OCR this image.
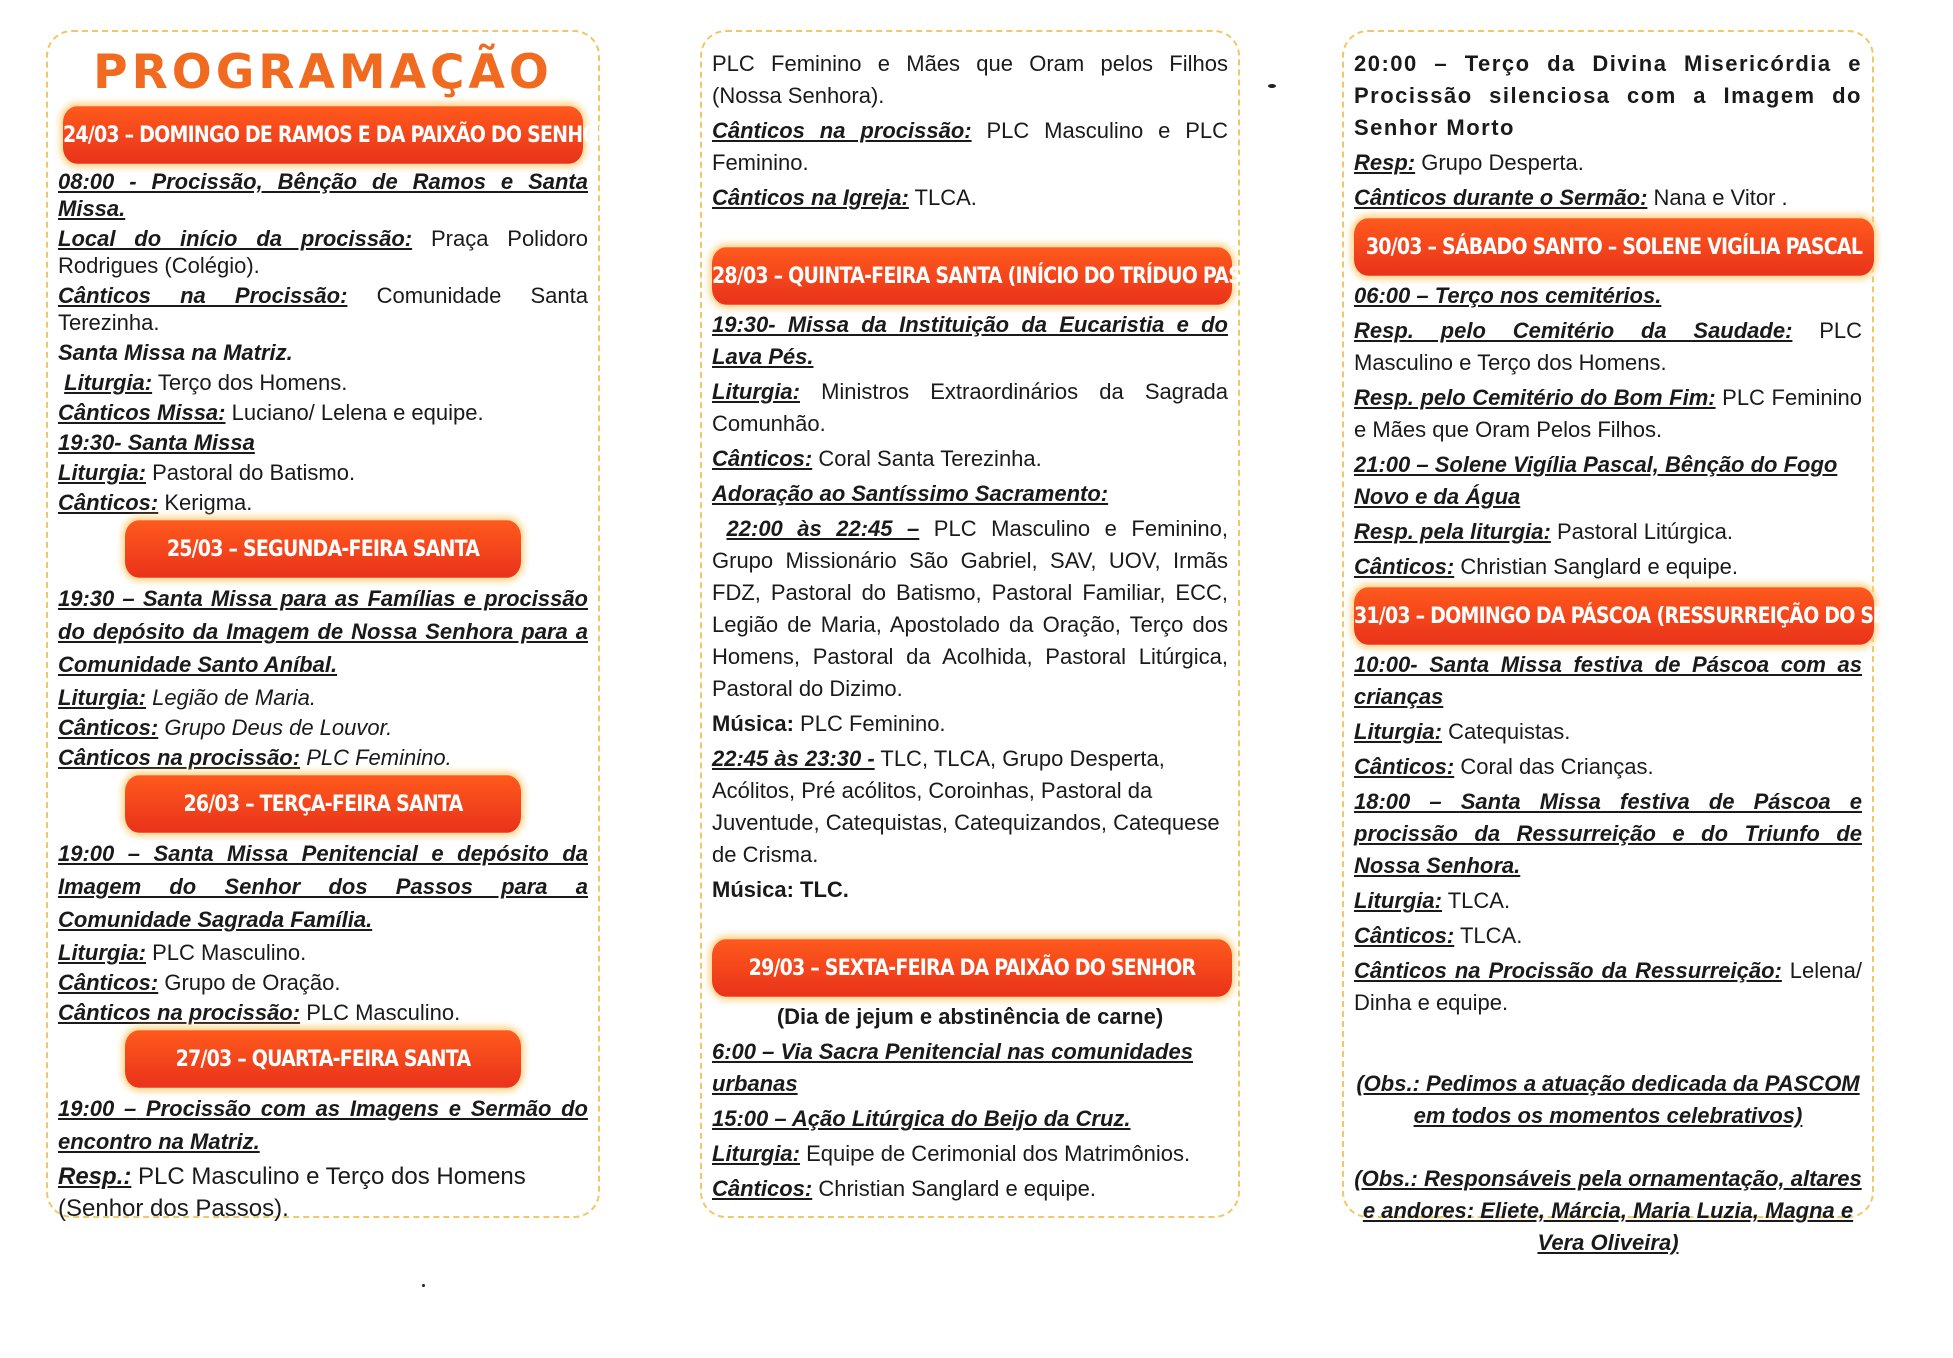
PROGRAMAÇÃO
24/03 – DOMINGO DE RAMOS E DA PAIXÃO DO SENHOR
08:00 - Procissão, Bênção de Ramos e Santa Missa.
Local do início da procissão: Praça Polidoro Rodrigues (Colégio).
Cânticos na Procissão: Comunidade Santa Terezinha.
Santa Missa na Matriz.
Liturgia: Terço dos Homens.
Cânticos Missa: Luciano/ Lelena e equipe.
19:30- Santa Missa
Liturgia: Pastoral do Batismo.
Cânticos: Kerigma.
25/03 – SEGUNDA-FEIRA SANTA
19:30 – Santa Missa para as Famílias e procissão do depósito da Imagem de Nossa Senhora para a Comunidade Santo Aníbal.
Liturgia: Legião de Maria.
Cânticos: Grupo Deus de Louvor.
Cânticos na procissão: PLC Feminino.
26/03 – TERÇA-FEIRA SANTA
19:00 – Santa Missa Penitencial e depósito da Imagem do Senhor dos Passos para a Comunidade Sagrada Família.
Liturgia: PLC Masculino.
Cânticos: Grupo de Oração.
Cânticos na procissão: PLC Masculino.
27/03 – QUARTA-FEIRA SANTA
19:00 – Procissão com as Imagens e Sermão do encontro na Matriz.
Resp.: PLC Masculino e Terço dos Homens (Senhor dos Passos).
PLC Feminino e Mães que Oram pelos Filhos (Nossa Senhora).
Cânticos na procissão: PLC Masculino e PLC Feminino.
Cânticos na Igreja: TLCA.
28/03 – QUINTA-FEIRA SANTA (INÍCIO DO TRÍDUO PASCAL)
19:30- Missa da Instituição da Eucaristia e do Lava Pés.
Liturgia: Ministros Extraordinários da Sagrada Comunhão.
Cânticos: Coral Santa Terezinha.
Adoração ao Santíssimo Sacramento:
22:00 às 22:45 – PLC Masculino e Feminino, Grupo Missionário São Gabriel, SAV, UOV, Irmãs FDZ, Pastoral do Batismo, Pastoral Familiar, ECC, Legião de Maria, Apostolado da Oração, Terço dos Homens, Pastoral da Acolhida, Pastoral Litúrgica, Pastoral do Dizimo.
Música: PLC Feminino.
22:45 às 23:30 - TLC, TLCA, Grupo Desperta, Acólitos, Pré acólitos, Coroinhas, Pastoral da Juventude, Catequistas, Catequizandos, Catequese de Crisma.
Música: TLC.
29/03 – SEXTA-FEIRA DA PAIXÃO DO SENHOR
(Dia de jejum e abstinência de carne)
6:00 – Via Sacra Penitencial nas comunidades urbanas
15:00 – Ação Litúrgica do Beijo da Cruz.
Liturgia: Equipe de Cerimonial dos Matrimônios.
Cânticos: Christian Sanglard e equipe.
20:00 – Terço da Divina Misericórdia e Procissão silenciosa com a Imagem do Senhor Morto
Resp: Grupo Desperta.
Cânticos durante o Sermão: Nana e Vitor .
30/03 – SÁBADO SANTO – SOLENE VIGÍLIA PASCAL
06:00 – Terço nos cemitérios.
Resp. pelo Cemitério da Saudade: PLC Masculino e Terço dos Homens.
Resp. pelo Cemitério do Bom Fim: PLC Feminino e Mães que Oram Pelos Filhos.
21:00 – Solene Vigília Pascal, Bênção do Fogo Novo e da Água
Resp. pela liturgia: Pastoral Litúrgica.
Cânticos: Christian Sanglard e equipe.
31/03 – DOMINGO DA PÁSCOA (RESSURREIÇÃO DO SENHOR)
10:00- Santa Missa festiva de Páscoa com as crianças
Liturgia: Catequistas.
Cânticos: Coral das Crianças.
18:00 – Santa Missa festiva de Páscoa e procissão da Ressurreição e do Triunfo de Nossa Senhora.
Liturgia: TLCA.
Cânticos: TLCA.
Cânticos na Procissão da Ressurreição: Lelena/ Dinha e equipe.
(Obs.: Pedimos a atuação dedicada da PASCOM em todos os momentos celebrativos)
(Obs.: Responsáveis pela ornamentação, altares e andores: Eliete, Márcia, Maria Luzia, Magna e Vera Oliveira)
